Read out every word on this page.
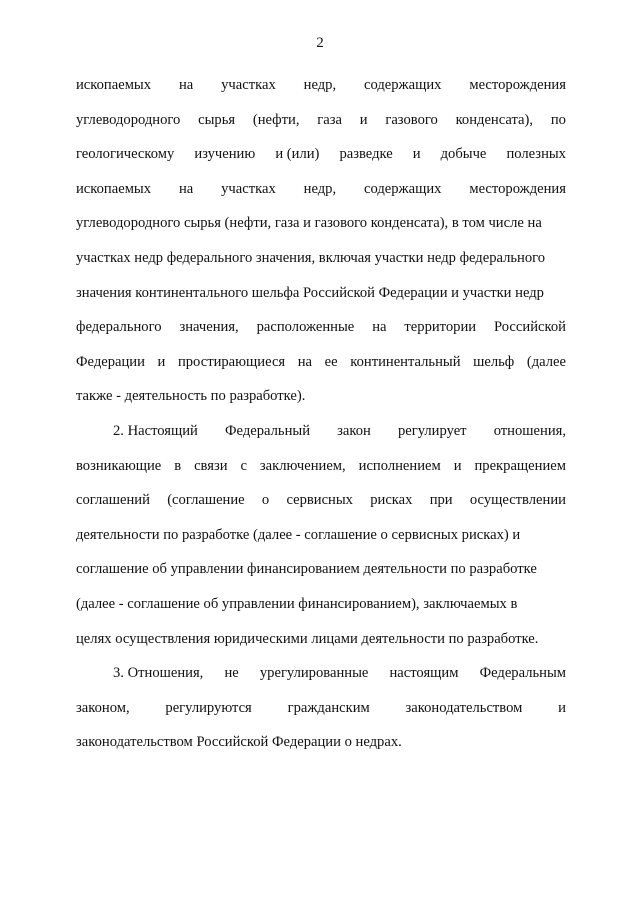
2
ископаемых на участках недр, содержащих месторождения
углеводородного сырья (нефти, газа и газового конденсата), по
геологическому изучению и (или) разведке и добыче полезных
ископаемых на участках недр, содержащих месторождения
углеводородного сырья (нефти, газа и газового конденсата), в том числе на
участках недр федерального значения, включая участки недр федерального
значения континентального шельфа Российской Федерации и участки недр
федерального значения, расположенные на территории Российской
Федерации и простирающиеся на ее континентальный шельф (далее
также - деятельность по разработке).
2. Настоящий Федеральный закон регулирует отношения,
возникающие в связи с заключением, исполнением и прекращением
соглашений (соглашение о сервисных рисках при осуществлении
деятельности по разработке (далее - соглашение о сервисных рисках) и
соглашение об управлении финансированием деятельности по разработке
(далее - соглашение об управлении финансированием), заключаемых в
целях осуществления юридическими лицами деятельности по разработке.
3. Отношения, не урегулированные настоящим Федеральным
законом, регулируются гражданским законодательством и
законодательством Российской Федерации о недрах.
